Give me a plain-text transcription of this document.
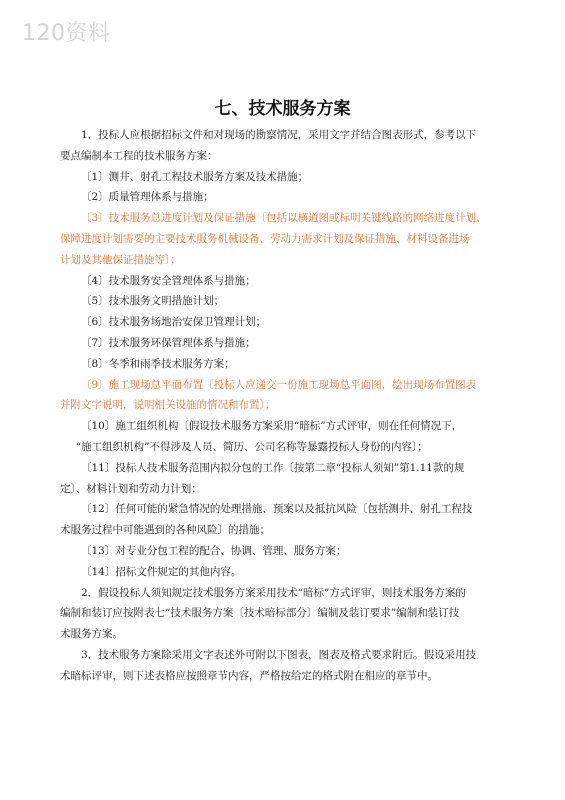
120资料
七、技术服务方案

1．投标人应根据招标文件和对现场的勘察情况，采用文字并结合图表形式，参考以下

要点编制本工程的技术服务方案：

〔1〕测井、射孔工程技术服务方案及技术措施；

〔2〕质量管理体系与措施；

〔3〕技术服务总进度计划及保证措施〔包括以横道图或标明关键线路的网络进度计划、

保障进度计划需要的主要技术服务机械设备、劳动力需求计划及保证措施、材料设备进场

计划及其他保证措施等〕；

〔4〕技术服务安全管理体系与措施；

〔5〕技术服务文明措施计划；

〔6〕技术服务场地治安保卫管理计划；

〔7〕技术服务环保管理体系与措施；

〔8〕冬季和雨季技术服务方案；

〔9〕施工现场总平面布置〔投标人应递交一份施工现场总平面图，绘出现场布置图表

并附文字说明，说明相关设施的情况和布置〕；

〔10〕施工组织机构〔假设技术服务方案采用“暗标”方式评审，则在任何情况下，

“施工组织机构”不得涉及人员、简历、公司名称等暴露投标人身份的内容〕；

〔11〕投标人技术服务范围内拟分包的工作〔按第二章“投标人须知”第1.11款的规

定〕、材料计划和劳动力计划；

〔12〕任何可能的紧急情况的处理措施、预案以及抵抗风险〔包括测井、射孔工程技

术服务过程中可能遇到的各种风险〕的措施；

〔13〕对专业分包工程的配合、协调、管理、服务方案；

〔14〕招标文件规定的其他内容。

2．假设投标人须知规定技术服务方案采用技术“暗标”方式评审，则技术服务方案的

编制和装订应按附表七“技术服务方案〔技术暗标部分〕编制及装订要求”编制和装订技

术服务方案。

3．技术服务方案除采用文字表述外可附以下图表，图表及格式要求附后。假设采用技

术暗标评审，则下述表格应按照章节内容，严格按给定的格式附在相应的章节中。
